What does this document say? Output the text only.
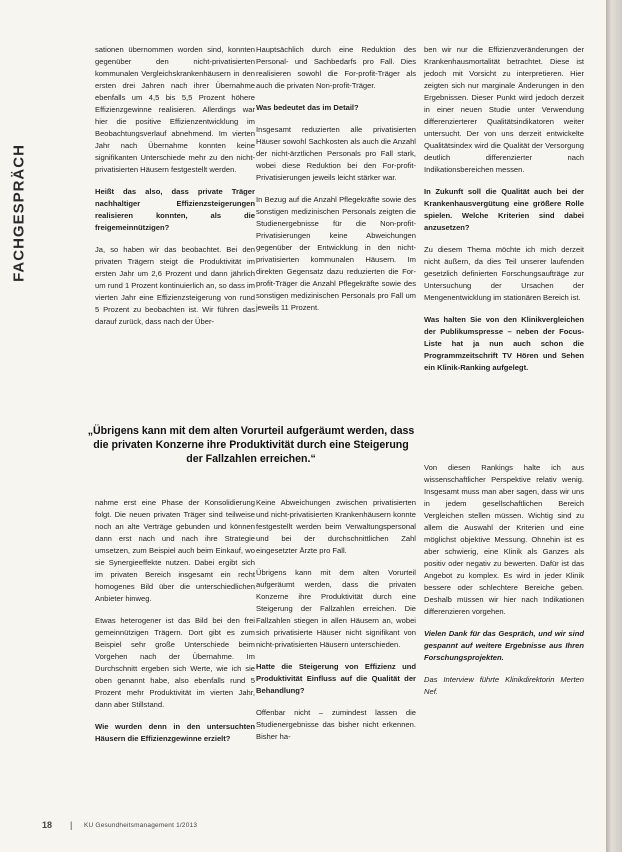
FACHGESPRÄCH

sationen übernommen worden sind, konnten gegenüber den nicht-privatisierten kommunalen Vergleichskrankenhäusern in den ersten drei Jahren nach ihrer Übernahme ebenfalls um 4,5 bis 5,5 Prozent höhere Effizienzgewinne realisieren. Allerdings war hier die positive Effizienzentwicklung im Beobachtungsverlauf abnehmend. Im vierten Jahr nach Übernahme konnten keine signifikanten Unterschiede mehr zu den nicht-privatisierten Häusern festgestellt werden.

Heißt das also, dass private Träger nachhaltiger Effizienzsteigerungen realisieren konnten, als die freigemeinnützigen?

Ja, so haben wir das beobachtet. Bei den privaten Trägern steigt die Produktivität im ersten Jahr um 2,6 Prozent und dann jährlich um rund 1 Prozent kontinuierlich an, so dass im vierten Jahr eine Effizienzsteigerung von rund 5 Prozent zu beobachten ist. Wir führen das darauf zurück, dass nach der Über-

Hauptsächlich durch eine Reduktion des Personal- und Sachbedarfs pro Fall. Dies realisieren sowohl die For-profit-Träger als auch die privaten Non-profit-Träger.

Was bedeutet das im Detail?

Insgesamt reduzierten alle privatisierten Häuser sowohl Sachkosten als auch die Anzahl der nicht-ärztlichen Personals pro Fall stark, wobei diese Reduktion bei den For-profit-Privatisierungen jeweils leicht stärker war.

In Bezug auf die Anzahl Pflegekräfte sowie des sonstigen medizinischen Personals zeigten die Studienergebnisse für die Non-profit-Privatisierungen keine Abweichungen gegenüber der Entwicklung in den nicht-privatisierten kommunalen Häusern. Im direkten Gegensatz dazu reduzierten die For-profit-Träger die Anzahl Pflegekräfte sowie des sonstigen medizinischen Personals pro Fall um jeweils 11 Prozent.

ben wir nur die Effizienzveränderungen der Krankenhausmortalität betrachtet. Diese ist jedoch mit Vorsicht zu interpretieren. Hier zeigten sich nur marginale Änderungen in den Ergebnissen. Dieser Punkt wird jedoch derzeit in einer neuen Studie unter Verwendung differenzierterer Qualitätsindikatoren weiter untersucht. Der von uns derzeit entwickelte Qualitätsindex wird die Qualität der Versorgung deutlich differenzierter nach Indikationsbereichen messen.

In Zukunft soll die Qualität auch bei der Krankenhausvergütung eine größere Rolle spielen. Welche Kriterien sind dabei anzusetzen?

Zu diesem Thema möchte ich mich derzeit nicht äußern, da dies Teil unserer laufenden gesetzlich definierten Forschungsaufträge zur Untersuchung der Ursachen der Mengenentwicklung im stationären Bereich ist.

Was halten Sie von den Klinikvergleichen der Publikumspresse – neben der Focus-Liste hat ja nun auch schon die Programmzeitschrift TV Hören und Sehen ein Klinik-Ranking aufgelegt.

„Übrigens kann mit dem alten Vorurteil aufgeräumt werden, dass die privaten Konzerne ihre Produktivität durch eine Steigerung der Fallzahlen erreichen.“

nahme erst eine Phase der Konsolidierung folgt. Die neuen privaten Träger sind teilweise noch an alte Verträge gebunden und können dann erst nach und nach ihre Strategie umsetzen, zum Beispiel auch beim Einkauf, wo sie Synergieeffekte nutzen. Dabei ergibt sich im privaten Bereich insgesamt ein recht homogenes Bild über die unterschiedlichen Anbieter hinweg.

Etwas heterogener ist das Bild bei den frei gemeinnützigen Trägern. Dort gibt es zum Beispiel sehr große Unterschiede beim Vorgehen nach der Übernahme. Im Durchschnitt ergeben sich Werte, wie ich sie oben genannt habe, also ebenfalls rund 5 Prozent mehr Produktivität im vierten Jahr, dann aber Stillstand.

Wie wurden denn in den untersuchten Häusern die Effizienzgewinne erzielt?

Keine Abweichungen zwischen privatisierten und nicht-privatisierten Krankenhäusern konnte festgestellt werden beim Verwaltungspersonal und bei der durchschnittlichen Zahl eingesetzter Ärzte pro Fall.

Übrigens kann mit dem alten Vorurteil aufgeräumt werden, dass die privaten Konzerne ihre Produktivität durch eine Steigerung der Fallzahlen erreichen. Die Fallzahlen stiegen in allen Häusern an, wobei sich privatisierte Häuser nicht signifikant von nicht-privatisierten Häusern unterschieden.

Hatte die Steigerung von Effizienz und Produktivität Einfluss auf die Qualität der Behandlung?

Offenbar nicht – zumindest lassen die Studienergebnisse das bisher nicht erkennen. Bisher ha-

Von diesen Rankings halte ich aus wissenschaftlicher Perspektive relativ wenig. Insgesamt muss man aber sagen, dass wir uns in jedem gesellschaftlichen Bereich Vergleichen stellen müssen. Wichtig sind zu allem die Auswahl der Kriterien und eine möglichst objektive Messung. Ohnehin ist es aber schwierig, eine Klinik als Ganzes als positiv oder negativ zu bewerten. Dafür ist das Angebot zu komplex. Es wird in jeder Klinik bessere oder schlechtere Bereiche geben. Deshalb müssen wir hier nach Indikationen differenzieren vorgehen.

Vielen Dank für das Gespräch, und wir sind gespannt auf weitere Ergebnisse aus Ihren Forschungsprojekten.

Das Interview führte Klinikdirektorin Merten Nef.

18 | KU Gesundheitsmanagement 1/2013
